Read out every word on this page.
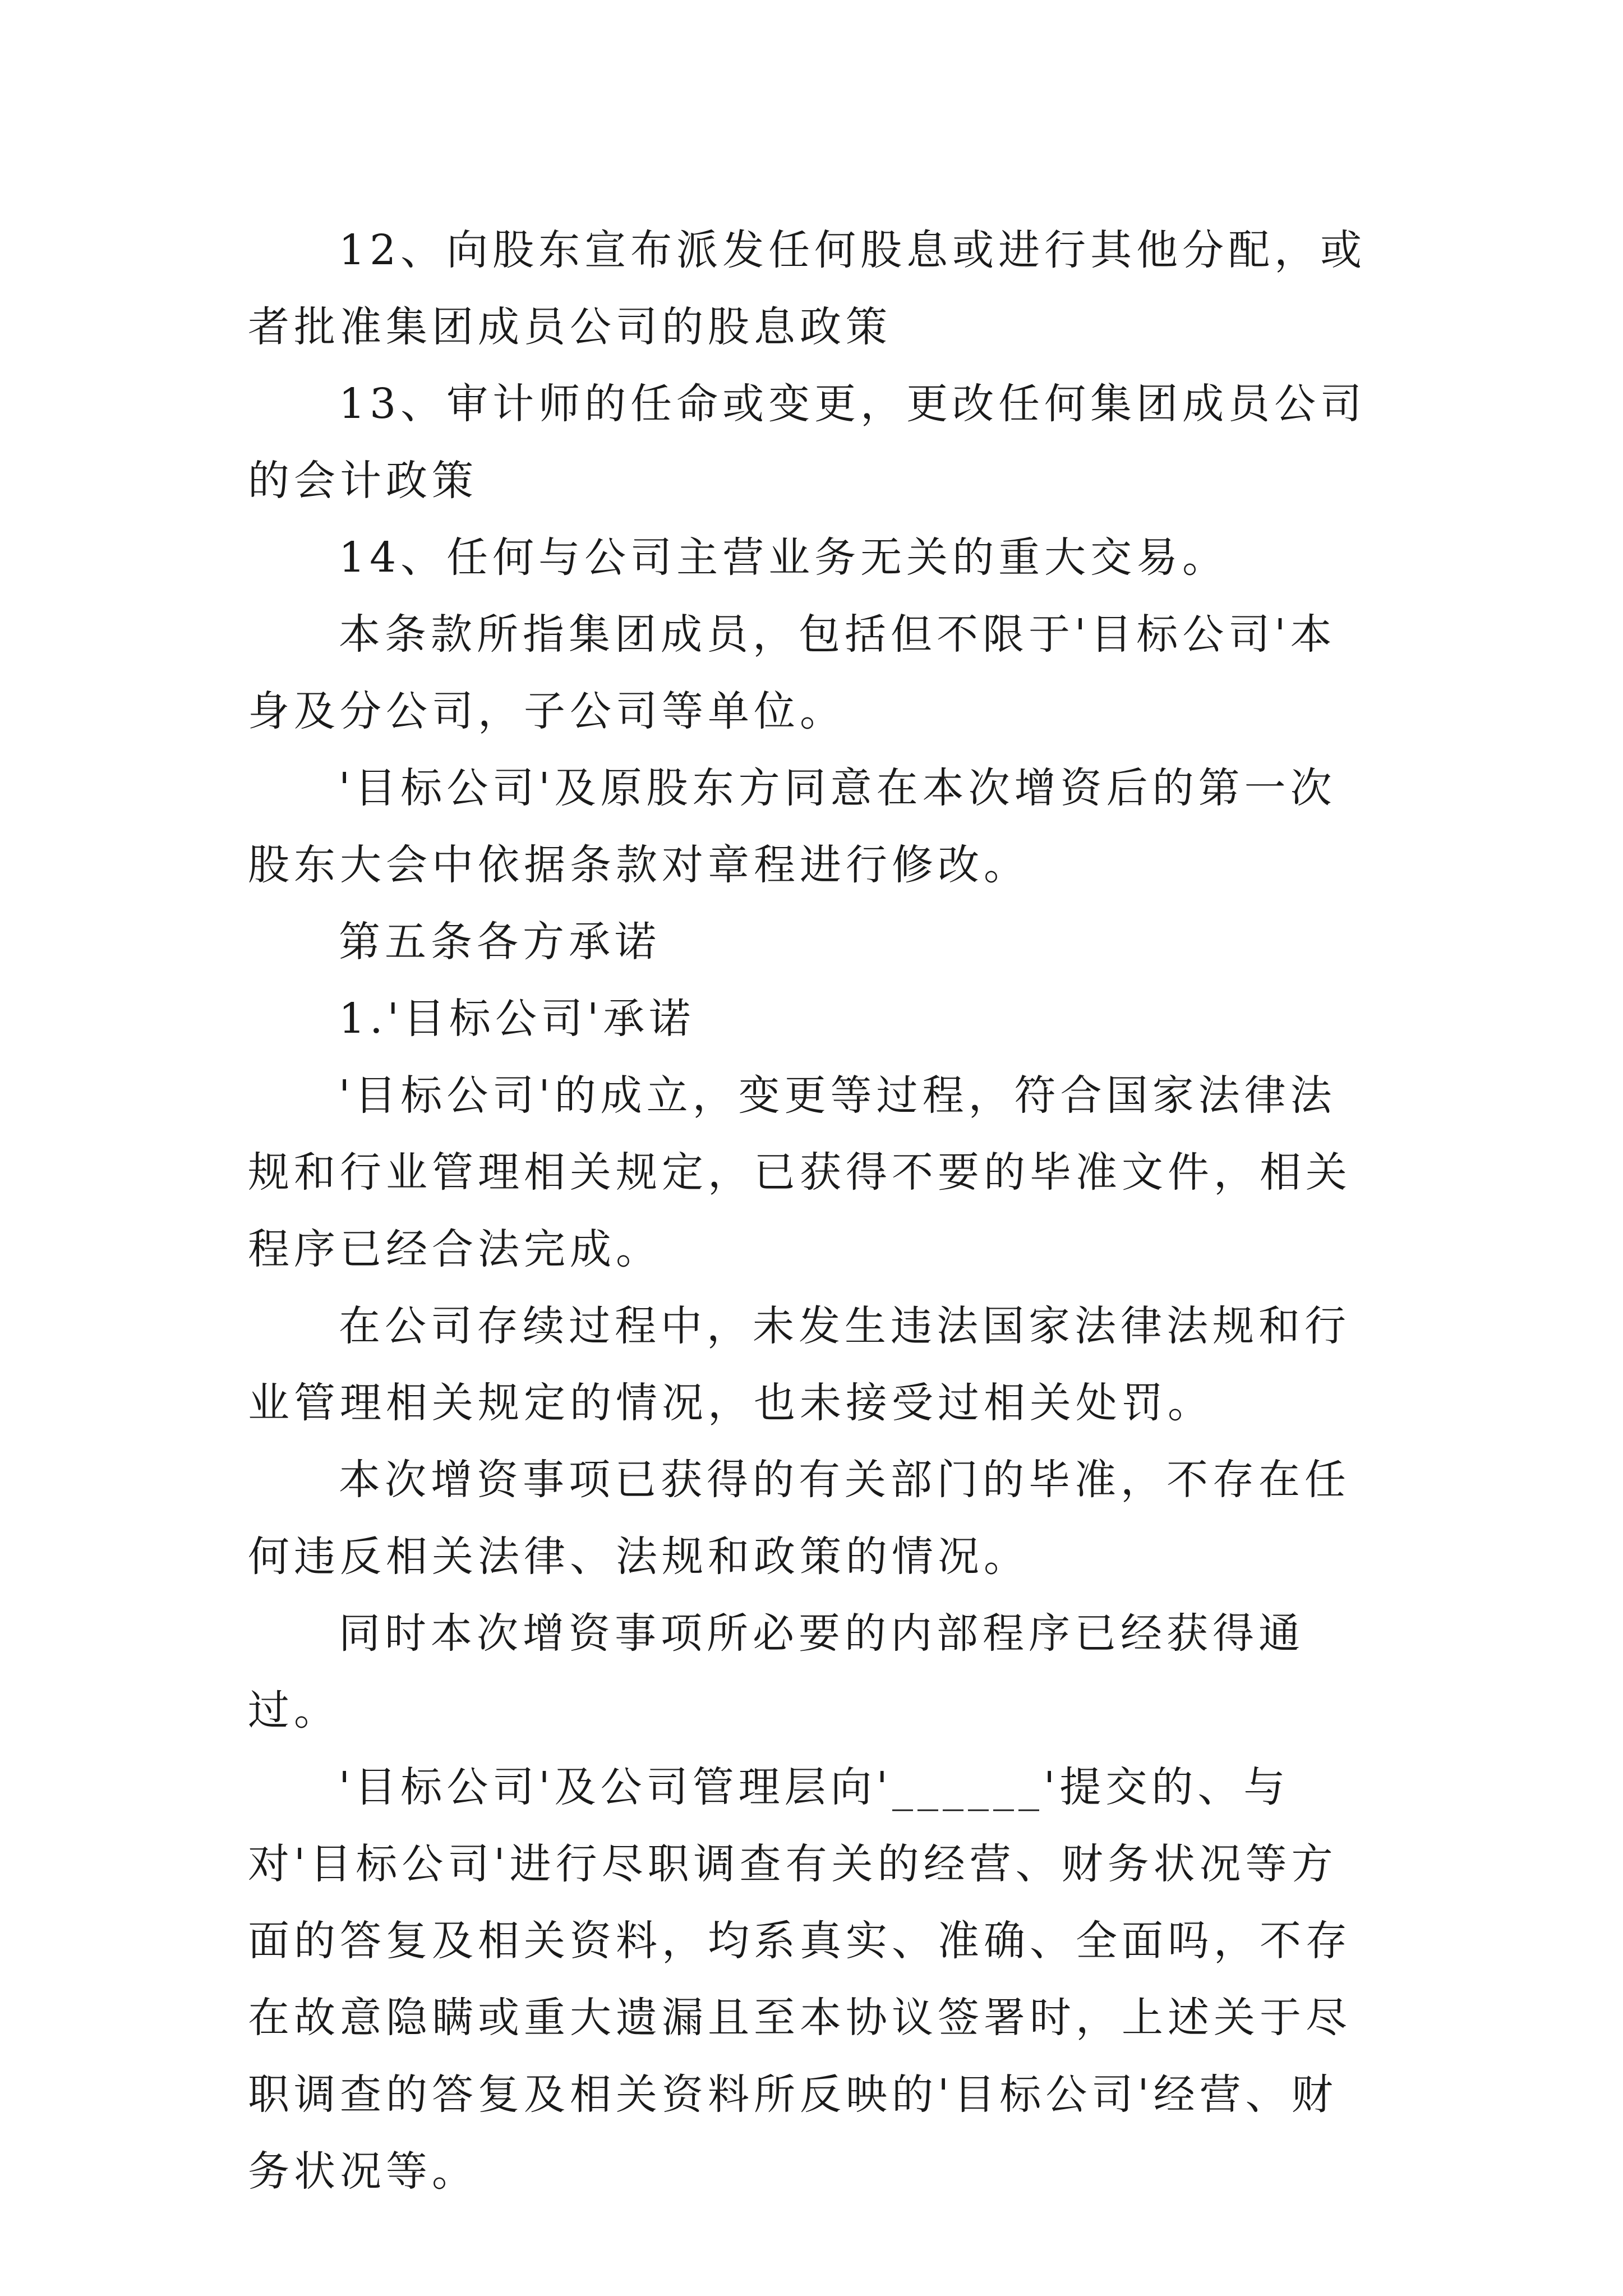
12、向股东宣布派发任何股息或进行其他分配，或者批准集团成员公司的股息政策

13、审计师的任命或变更，更改任何集团成员公司的会计政策

14、任何与公司主营业务无关的重大交易。

本条款所指集团成员，包括但不限于'目标公司'本身及分公司，子公司等单位。

'目标公司'及原股东方同意在本次增资后的第一次股东大会中依据条款对章程进行修改。

第五条各方承诺

1.'目标公司'承诺

'目标公司'的成立，变更等过程，符合国家法律法规和行业管理相关规定，已获得不要的毕准文件，相关程序已经合法完成。

在公司存续过程中，未发生违法国家法律法规和行业管理相关规定的情况，也未接受过相关处罚。

本次增资事项已获得的有关部门的毕准，不存在任何违反相关法律、法规和政策的情况。

同时本次增资事项所必要的内部程序已经获得通过。

'目标公司'及公司管理层向'______'提交的、与对'目标公司'进行尽职调查有关的经营、财务状况等方面的答复及相关资料，均系真实、准确、全面吗，不存在故意隐瞒或重大遗漏且至本协议签署时，上述关于尽职调查的答复及相关资料所反映的'目标公司'经营、财务状况等。
